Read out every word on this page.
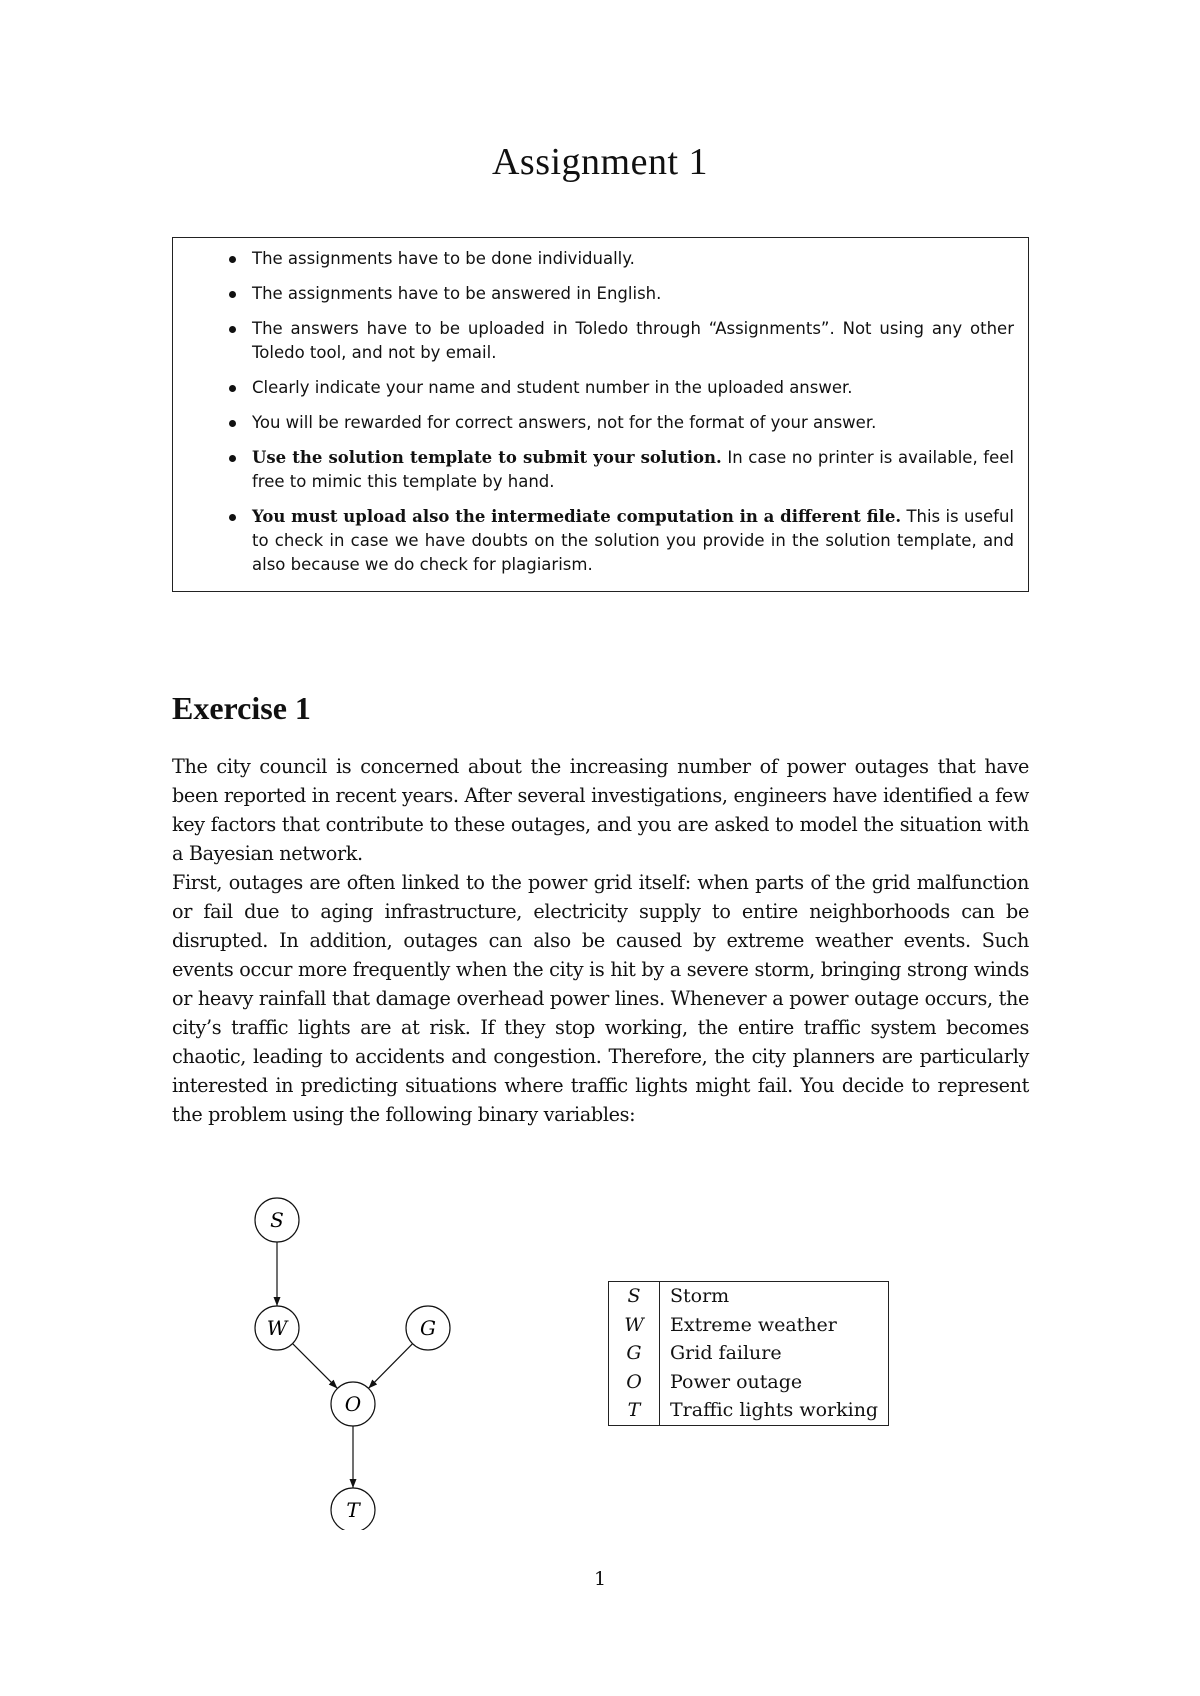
Assignment 1
The assignments have to be done individually.
The assignments have to be answered in English.
The answers have to be uploaded in Toledo through “Assignments”. Not using any other Toledo tool, and not by email.
Clearly indicate your name and student number in the uploaded answer.
You will be rewarded for correct answers, not for the format of your answer.
Use the solution template to submit your solution. In case no printer is available, feel free to mimic this template by hand.
You must upload also the intermediate computation in a different file. This is useful to check in case we have doubts on the solution you provide in the solution template, and also because we do check for plagiarism.
Exercise 1

The city council is concerned about the increasing number of power outages that have been reported in recent years. After several investigations, engineers have identified a few key factors that contribute to these outages, and you are asked to model the situation with a Bayesian network.

First, outages are often linked to the power grid itself: when parts of the grid malfunction or fail due to aging infrastructure, electricity supply to entire neighborhoods can be disrupted. In addition, outages can also be caused by extreme weather events. Such events occur more frequently when the city is hit by a severe storm, bringing strong winds or heavy rainfall that damage overhead power lines. Whenever a power outage occurs, the city’s traffic lights are at risk. If they stop working, the entire traffic system becomes chaotic, leading to accidents and congestion. Therefore, the city planners are particularly interested in predicting situations where traffic lights might fail. You decide to represent the problem using the following binary variables:

S
W	G
O
T
S	Storm
W	Extreme weather
G	Grid failure
O	Power outage
T	Traffic lights working
1
